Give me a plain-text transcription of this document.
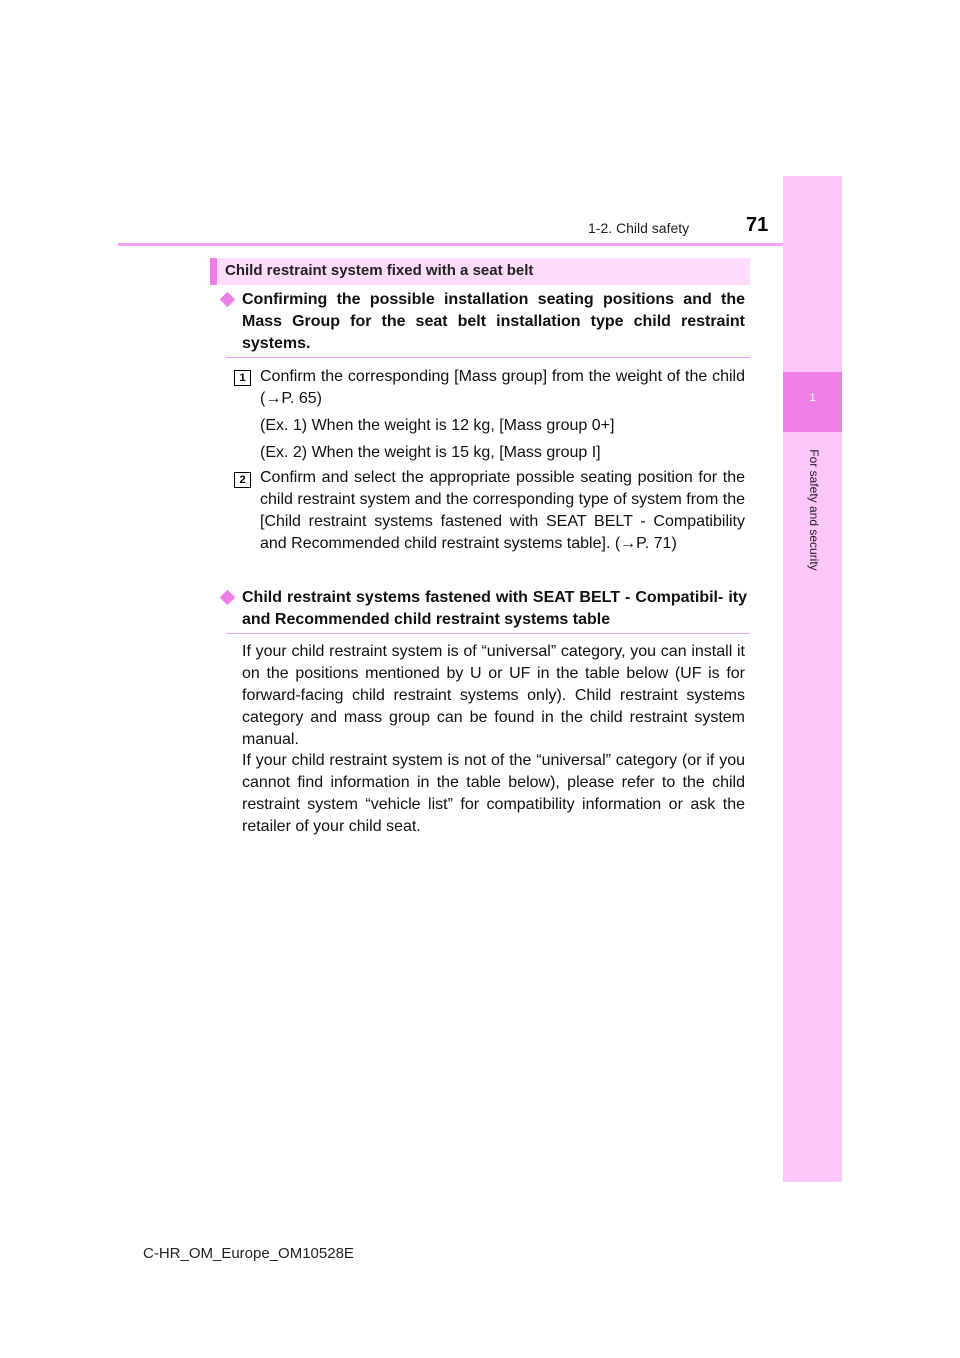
1-2. Child safety	71
1
For safety and security
Child restraint system fixed with a seat belt
Confirming the possible installation seating positions and the Mass Group for the seat belt installation type child restraint systems.
1 Confirm the corresponding [Mass group] from the weight of the child (→P. 65)
(Ex. 1) When the weight is 12 kg, [Mass group 0+]
(Ex. 2) When the weight is 15 kg, [Mass group I]
2 Confirm and select the appropriate possible seating position for the child restraint system and the corresponding type of system from the [Child restraint systems fastened with SEAT BELT - Compatibility and Recommended child restraint systems table]. (→P. 71)
Child restraint systems fastened with SEAT BELT - Compatibil- ity and Recommended child restraint systems table
If your child restraint system is of “universal” category, you can install it on the positions mentioned by U or UF in the table below (UF is for forward-facing child restraint systems only). Child restraint systems category and mass group can be found in the child restraint system manual.
If your child restraint system is not of the “universal” category (or if you cannot find information in the table below), please refer to the child restraint system “vehicle list” for compatibility information or ask the retailer of your child seat.
C-HR_OM_Europe_OM10528E
